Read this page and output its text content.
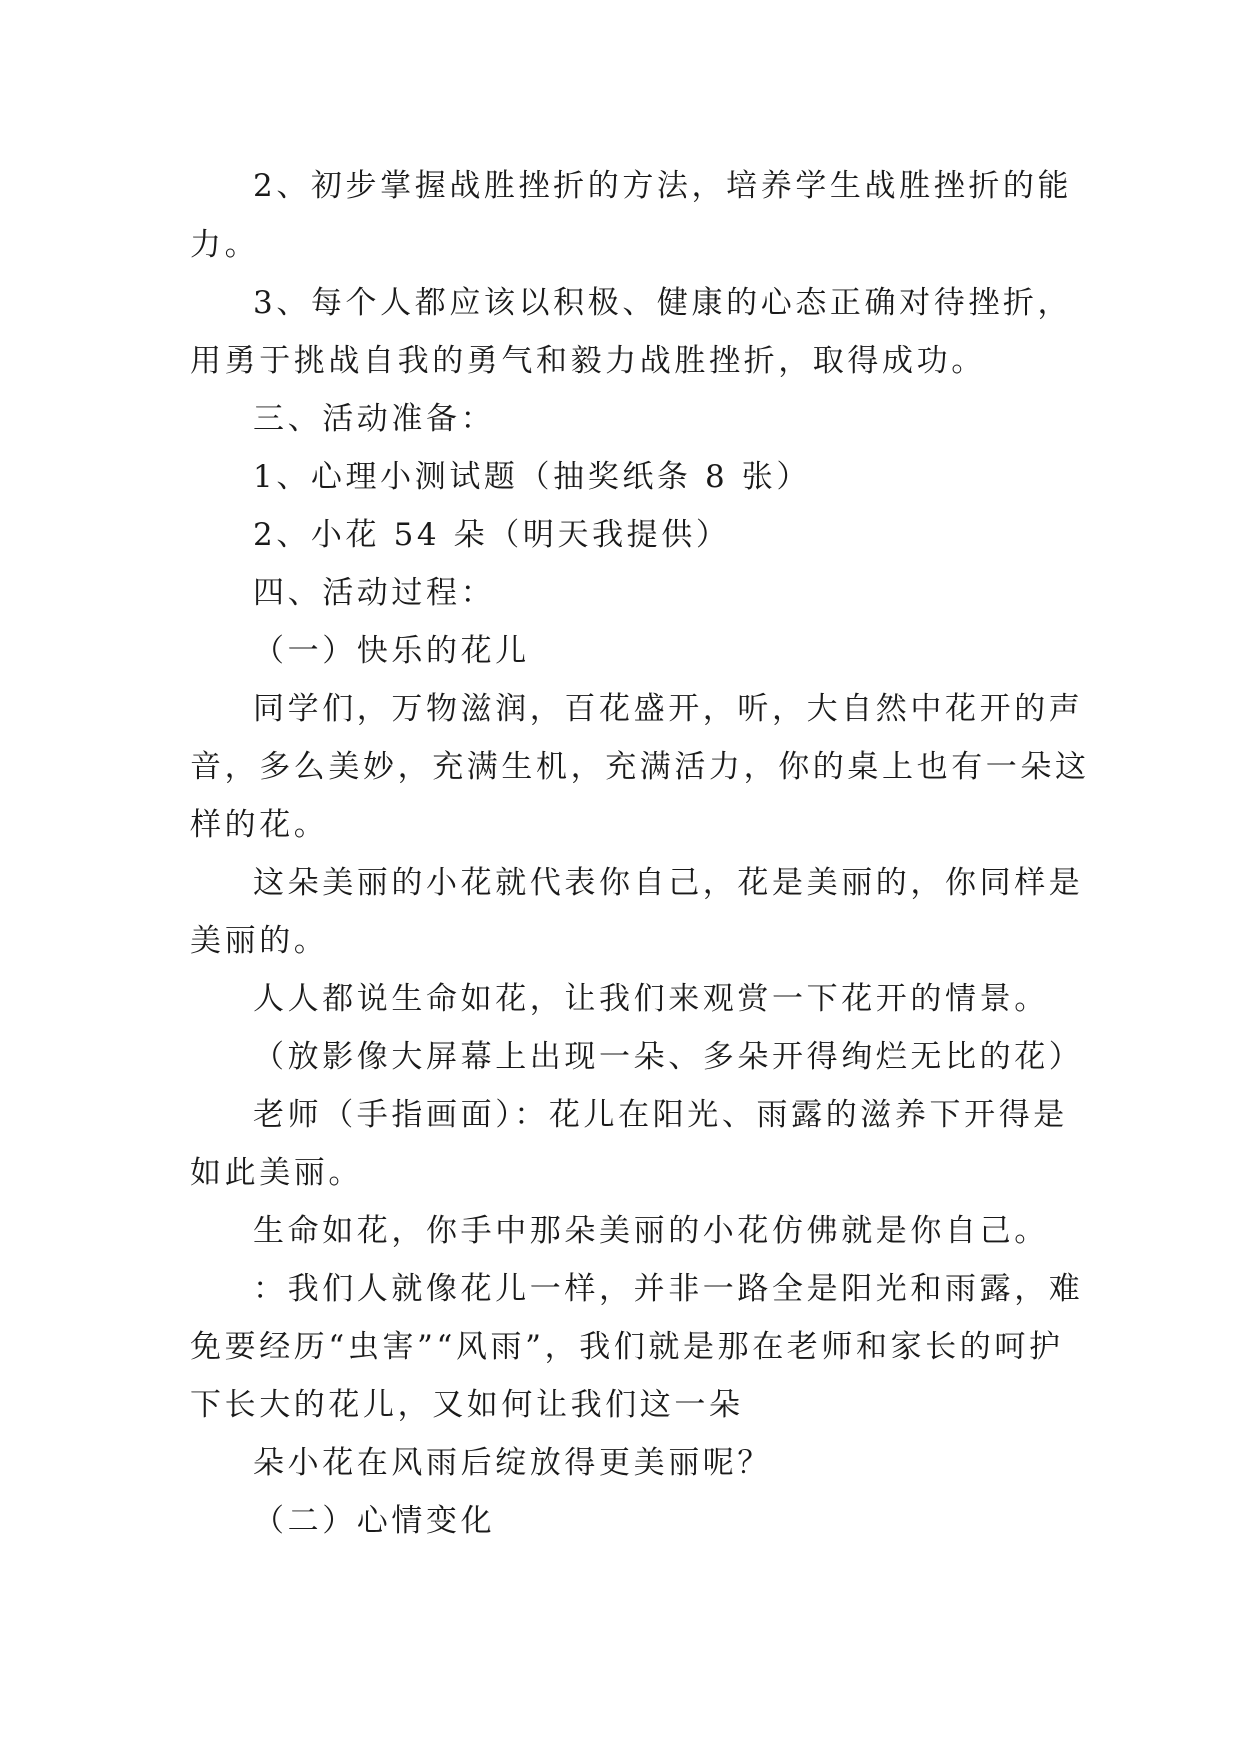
2、初步掌握战胜挫折的方法，培养学生战胜挫折的能
力。
3、每个人都应该以积极、健康的心态正确对待挫折，
用勇于挑战自我的勇气和毅力战胜挫折，取得成功。
三、活动准备：
1、心理小测试题（抽奖纸条 8 张）
2、小花 54 朵（明天我提供）
四、活动过程：
（一）快乐的花儿
同学们，万物滋润，百花盛开，听，大自然中花开的声
音，多么美妙，充满生机，充满活力，你的桌上也有一朵这
样的花。
这朵美丽的小花就代表你自己，花是美丽的，你同样是
美丽的。
人人都说生命如花，让我们来观赏一下花开的情景。
（放影像大屏幕上出现一朵、多朵开得绚烂无比的花）
老师（手指画面）：花儿在阳光、雨露的滋养下开得是
如此美丽。
生命如花，你手中那朵美丽的小花仿佛就是你自己。
：我们人就像花儿一样，并非一路全是阳光和雨露，难
免要经历“虫害”“风雨”，我们就是那在老师和家长的呵护
下长大的花儿，又如何让我们这一朵
朵小花在风雨后绽放得更美丽呢？
（二）心情变化
